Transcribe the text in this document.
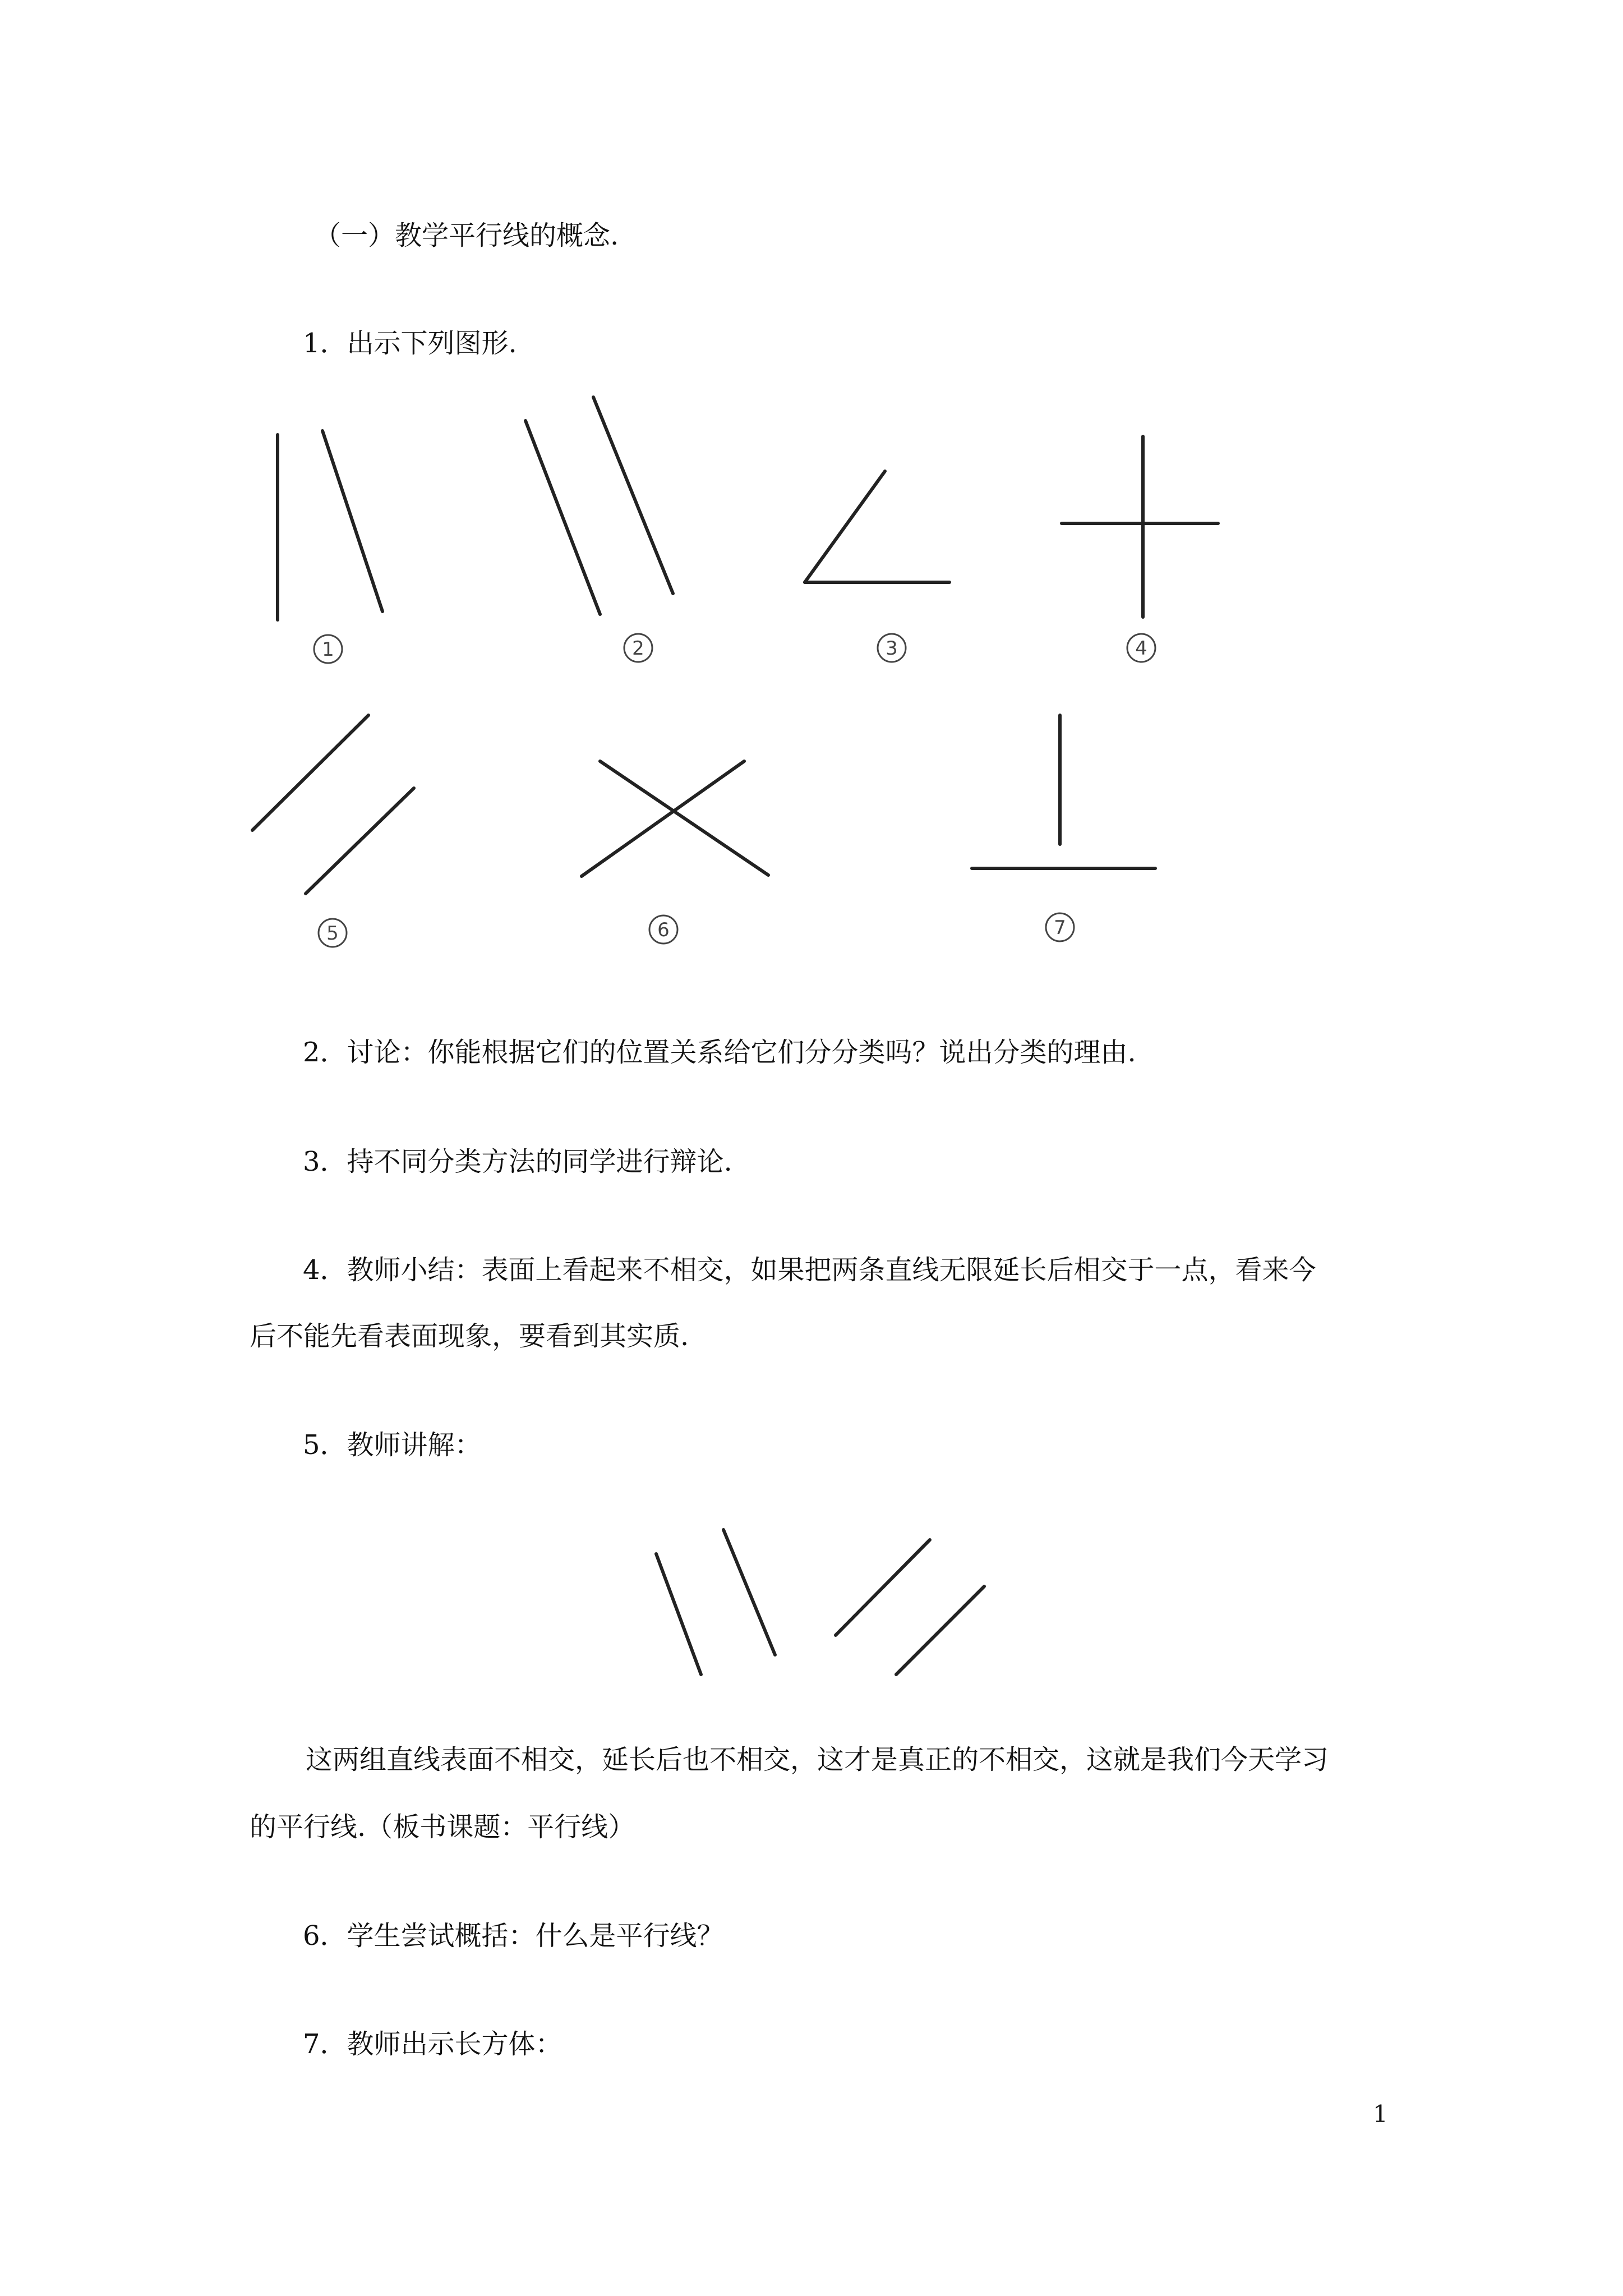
（一）教学平行线的概念.
1．出示下列图形.
1	2	3	4
5	6	7
2．讨论：你能根据它们的位置关系给它们分分类吗？说出分类的理由.
3．持不同分类方法的同学进行辩论.
4．教师小结：表面上看起来不相交，如果把两条直线无限延长后相交于一点，看来今
后不能先看表面现象，要看到其实质.
5．教师讲解：
这两组直线表面不相交，延长后也不相交，这才是真正的不相交，这就是我们今天学习
的平行线.（板书课题：平行线）
6．学生尝试概括：什么是平行线？
7．教师出示长方体：
1
